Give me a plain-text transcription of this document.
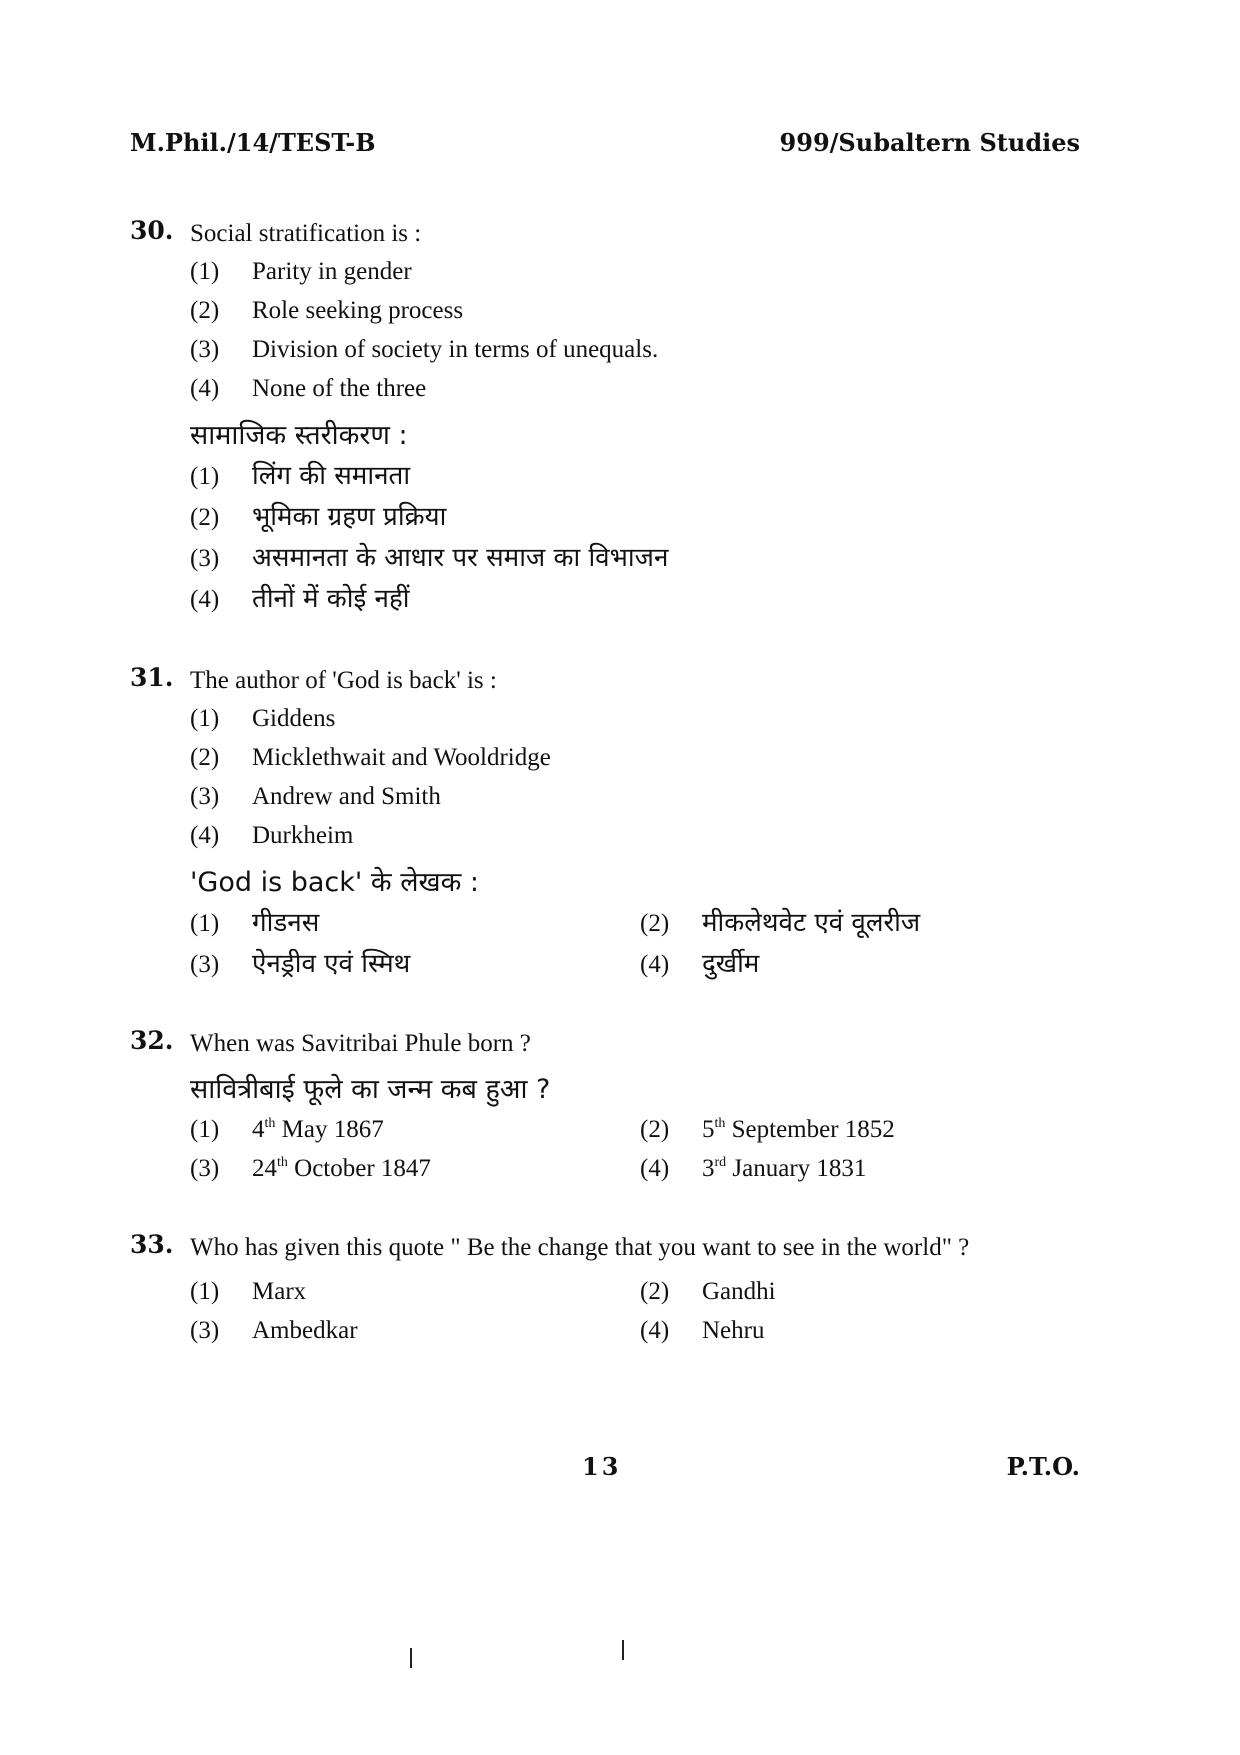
M.Phil./14/TEST-B	999/Subaltern Studies
30. Social stratification is :
(1)	Parity in gender
(2)	Role seeking process
(3)	Division of society in terms of unequals.
(4)	None of the three
सामाजिक स्तरीकरण :
(1)	लिंग की समानता
(2)	भूमिका ग्रहण प्रक्रिया
(3)	असमानता के आधार पर समाज का विभाजन
(4)	तीनों में कोई नहीं
31. The author of 'God is back' is :
(1)	Giddens
(2)	Micklethwait and Wooldridge
(3)	Andrew and Smith
(4)	Durkheim
'God is back' के लेखक :
(1)	गीडनस	(2)	मीकलेथवेट एवं वूलरीज
(3)	ऐनड्रीव एवं स्मिथ	(4)	दुर्खीम
32. When was Savitribai Phule born ?
सावित्रीबाई फूले का जन्म कब हुआ ?
(1)	4th May 1867	(2)	5th September 1852
(3)	24th October 1847	(4)	3rd January 1831
33. Who has given this quote " Be the change that you want to see in the world" ?
(1)	Marx	(2)	Gandhi
(3)	Ambedkar	(4)	Nehru
13	P.T.O.
